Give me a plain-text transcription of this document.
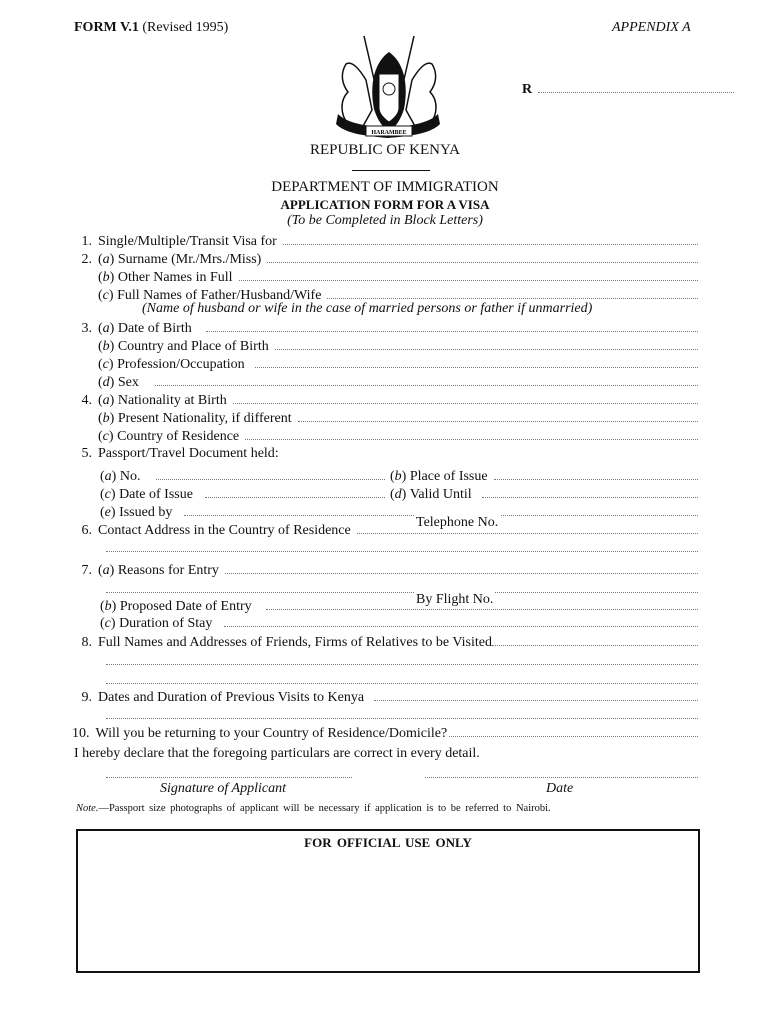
FORM V.1 (Revised 1995)	APPENDIX A
HARAMBEE
R
REPUBLIC OF KENYA
DEPARTMENT OF IMMIGRATION
APPLICATION FORM FOR A VISA
(To be Completed in Block Letters)
1. Single/Multiple/Transit Visa for
2. ( a ) Surname (Mr./Mrs./Miss)
( b ) Other Names in Full
( c ) Full Names of Father/Husband/Wife
(Name of husband or wife in the case of married persons or father if unmarried)
3. ( a ) Date of Birth
( b ) Country and Place of Birth
( c ) Profession/Occupation
( d ) Sex
4. ( a ) Nationality at Birth
( b ) Present Nationality, if different
( c ) Country of Residence
5. Passport/Travel Document held:
( a ) No.	( b ) Place of Issue
( c ) Date of Issue	( d ) Valid Until
( e ) Issued by
6. Contact Address in the Country of Residence
Telephone No.
7. ( a ) Reasons for Entry
( b ) Proposed Date of Entry	By Flight No.
( c ) Duration of Stay
8. Full Names and Addresses of Friends, Firms of Relatives to be Visited
9. Dates and Duration of Previous Visits to Kenya
10. Will you be returning to your Country of Residence/Domicile?
I hereby declare that the foregoing particulars are correct in every detail.
Signature of Applicant	Date
Note.—Passport size photographs of applicant will be necessary if application is to be referred to Nairobi.
FOR OFFICIAL USE ONLY
